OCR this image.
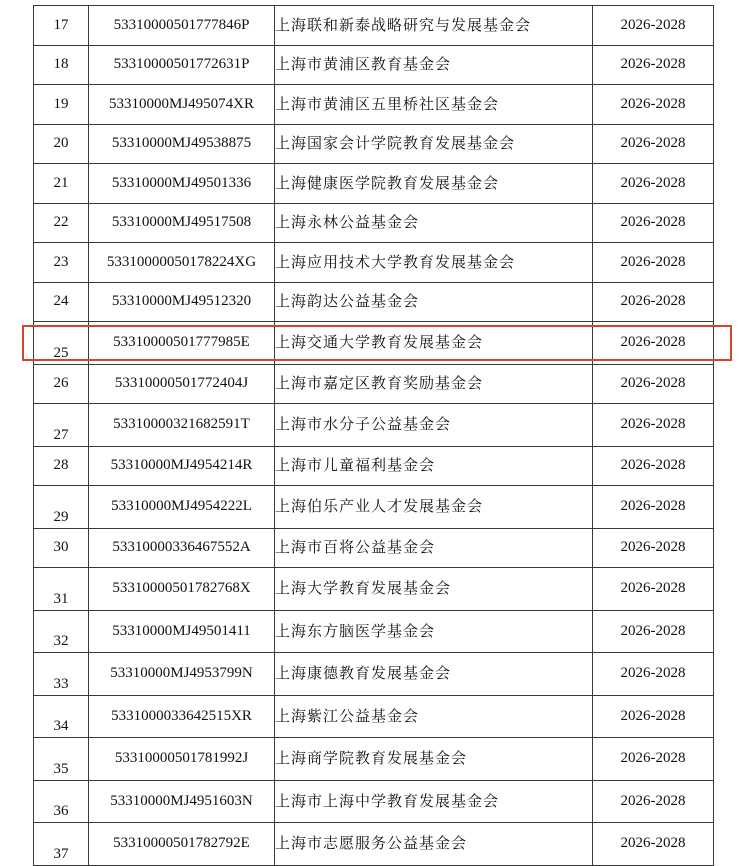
17	53310000501777846P	上海联和新泰战略研究与发展基金会	2026-2028
18	53310000501772631P	上海市黄浦区教育基金会	2026-2028
19	53310000MJ495074XR	上海市黄浦区五里桥社区基金会	2026-2028
20	53310000MJ49538875	上海国家会计学院教育发展基金会	2026-2028
21	53310000MJ49501336	上海健康医学院教育发展基金会	2026-2028
22	53310000MJ49517508	上海永林公益基金会	2026-2028
23	53310000050178224XG	上海应用技术大学教育发展基金会	2026-2028
24	53310000MJ49512320	上海韵达公益基金会	2026-2028
25	53310000501777985E	上海交通大学教育发展基金会	2026-2028
26	53310000501772404J	上海市嘉定区教育奖励基金会	2026-2028
27	53310000321682591T	上海市水分子公益基金会	2026-2028
28	53310000MJ4954214R	上海市儿童福利基金会	2026-2028
29	53310000MJ4954222L	上海伯乐产业人才发展基金会	2026-2028
30	53310000336467552A	上海市百将公益基金会	2026-2028
31	53310000501782768X	上海大学教育发展基金会	2026-2028
32	53310000MJ49501411	上海东方脑医学基金会	2026-2028
33	53310000MJ4953799N	上海康德教育发展基金会	2026-2028
34	5331000033642515XR	上海紫江公益基金会	2026-2028
35	53310000501781992J	上海商学院教育发展基金会	2026-2028
36	53310000MJ4951603N	上海市上海中学教育发展基金会	2026-2028
37	53310000501782792E	上海市志愿服务公益基金会	2026-2028
